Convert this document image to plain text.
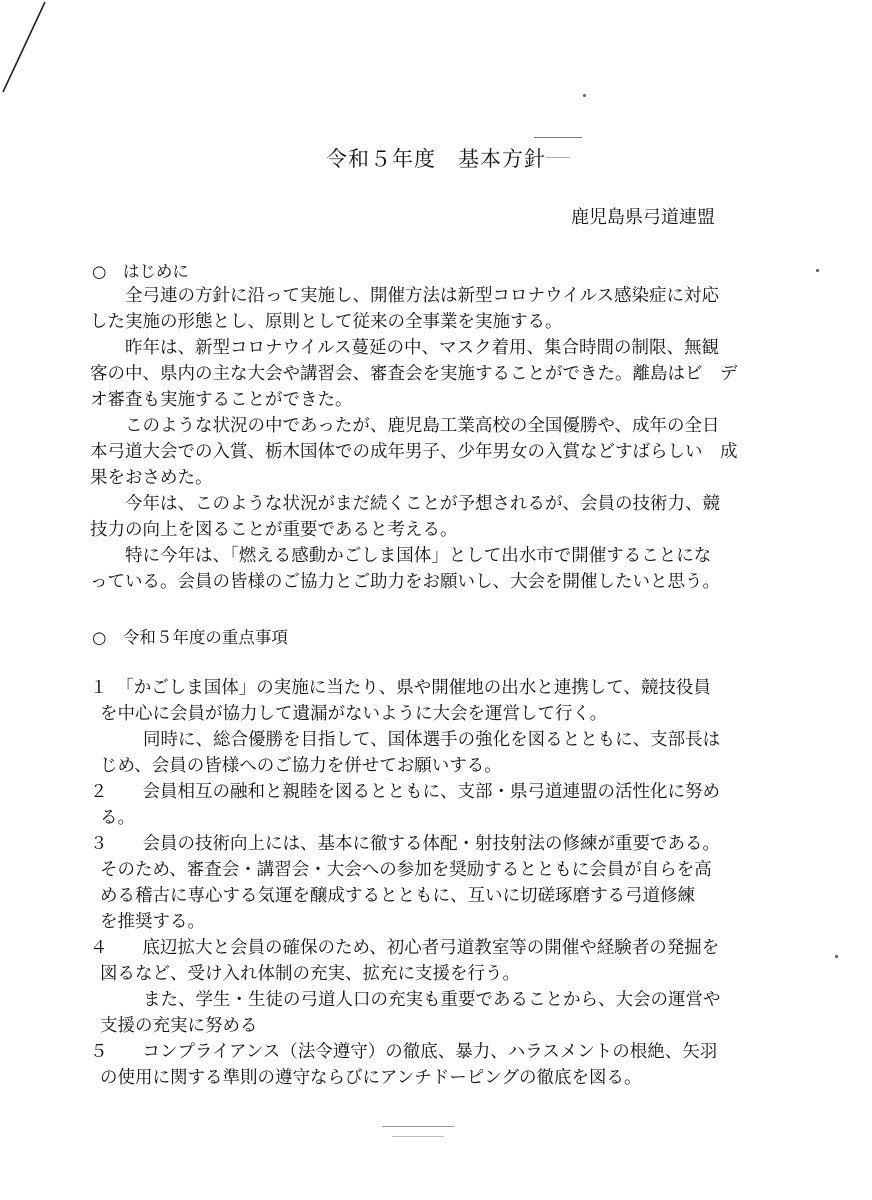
令和５年度　基本方針
鹿児島県弓道連盟
○　はじめに
全弓連の方針に沿って実施し、開催方法は新型コロナウイルス感染症に対応
した実施の形態とし、原則として従来の全事業を実施する。
昨年は、新型コロナウイルス蔓延の中、マスク着用、集合時間の制限、無観
客の中、県内の主な大会や講習会、審査会を実施することができた。離島はビ　デ
オ審査も実施することができた。
このような状況の中であったが、鹿児島工業高校の全国優勝や、成年の全日
本弓道大会での入賞、栃木国体での成年男子、少年男女の入賞などすばらしい　成
果をおさめた。
今年は、このような状況がまだ続くことが予想されるが、会員の技術力、競
技力の向上を図ることが重要であると考える。
特に今年は、「燃える感動かごしま国体」として出水市で開催することにな
っている。会員の皆様のご協力とご助力をお願いし、大会を開催したいと思う。
○　令和５年度の重点事項
１　「かごしま国体」の実施に当たり、県や開催地の出水と連携して、競技役員
を中心に会員が協力して遺漏がないように大会を運営して行く。
同時に、総合優勝を目指して、国体選手の強化を図るとともに、支部長は
じめ、会員の皆様へのご協力を併せてお願いする。
２　　会員相互の融和と親睦を図るとともに、支部・県弓道連盟の活性化に努め
る。
３　　会員の技術向上には、基本に徹する体配・射技射法の修練が重要である。
そのため、審査会・講習会・大会への参加を奨励するとともに会員が自らを高
める稽古に専心する気運を醸成するとともに、互いに切磋琢磨する弓道修練
を推奨する。
４　　底辺拡大と会員の確保のため、初心者弓道教室等の開催や経験者の発掘を
図るなど、受け入れ体制の充実、拡充に支援を行う。
また、学生・生徒の弓道人口の充実も重要であることから、大会の運営や
支援の充実に努める
５　　コンプライアンス（法令遵守）の徹底、暴力、ハラスメントの根絶、矢羽
の使用に関する準則の遵守ならびにアンチドーピングの徹底を図る。
